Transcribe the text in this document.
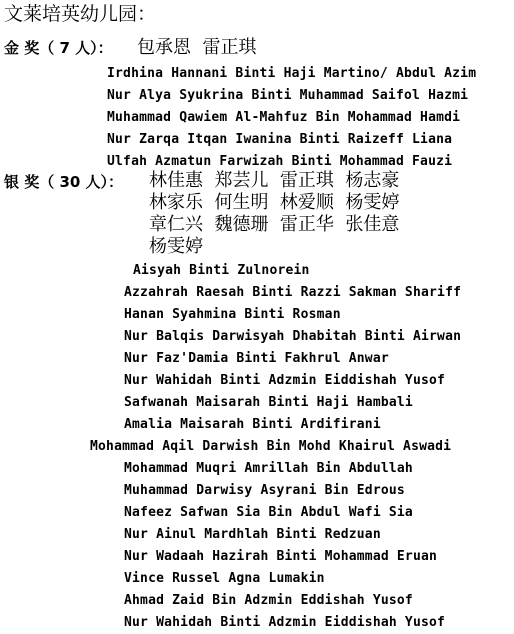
文莱培英幼儿园：
金 奖（ 7 人）： 包承恩  雷正琪
Irdhina Hannani Binti Haji Martino/ Abdul Azim
Nur Alya Syukrina Binti Muhammad Saifol Hazmi
Muhammad Qawiem Al-Mahfuz Bin Mohammad Hamdi
Nur Zarqa Itqan Iwanina Binti Raizeff Liana
Ulfah Azmatun Farwizah Binti Mohammad Fauzi
银 奖（ 30 人）： 林佳惠  郑芸儿  雷正琪  杨志豪
林家乐  何生明  林爱顺  杨雯婷
章仁兴  魏德珊  雷正华  张佳意
杨雯婷
Aisyah Binti Zulnorein
Azzahrah Raesah Binti Razzi Sakman Shariff
Hanan Syahmina Binti Rosman
Nur Balqis Darwisyah Dhabitah Binti Airwan
Nur Faz'Damia Binti Fakhrul Anwar
Nur Wahidah Binti Adzmin Eiddishah Yusof
Safwanah Maisarah Binti Haji Hambali
Amalia Maisarah Binti Ardifirani
Mohammad Aqil Darwish Bin Mohd Khairul Aswadi
Mohammad Muqri Amrillah Bin Abdullah
Muhammad Darwisy Asyrani Bin Edrous
Nafeez Safwan Sia Bin Abdul Wafi Sia
Nur Ainul Mardhlah Binti Redzuan
Nur Wadaah Hazirah Binti Mohammad Eruan
Vince Russel Agna Lumakin
Ahmad Zaid Bin Adzmin Eddishah Yusof
Nur Wahidah Binti Adzmin Eiddishah Yusof
